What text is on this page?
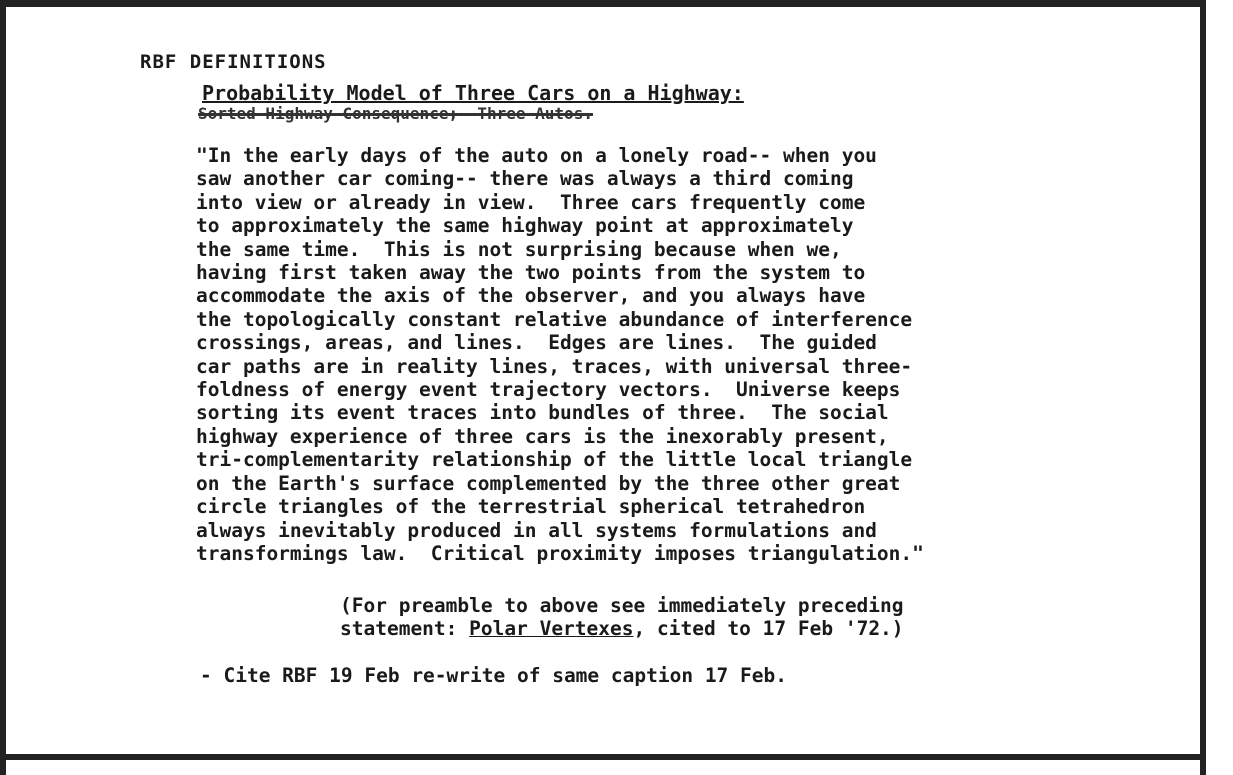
RBF DEFINITIONS
Probability Model of Three Cars on a Highway:
Sorted Highway Consequence; Three Autos.
"In the early days of the auto on a lonely road-- when you
saw another car coming-- there was always a third coming
into view or already in view.  Three cars frequently come
to approximately the same highway point at approximately
the same time.  This is not surprising because when we,
having first taken away the two points from the system to
accommodate the axis of the observer, and you always have
the topologically constant relative abundance of interference
crossings, areas, and lines.  Edges are lines.  The guided
car paths are in reality lines, traces, with universal three-
foldness of energy event trajectory vectors.  Universe keeps
sorting its event traces into bundles of three.  The social
highway experience of three cars is the inexorably present,
tri-complementarity relationship of the little local triangle
on the Earth's surface complemented by the three other great
circle triangles of the terrestrial spherical tetrahedron
always inevitably produced in all systems formulations and
transformings law.  Critical proximity imposes triangulation."
(For preamble to above see immediately preceding
statement: Polar Vertexes, cited to 17 Feb '72.)
- Cite RBF 19 Feb re-write of same caption 17 Feb.
